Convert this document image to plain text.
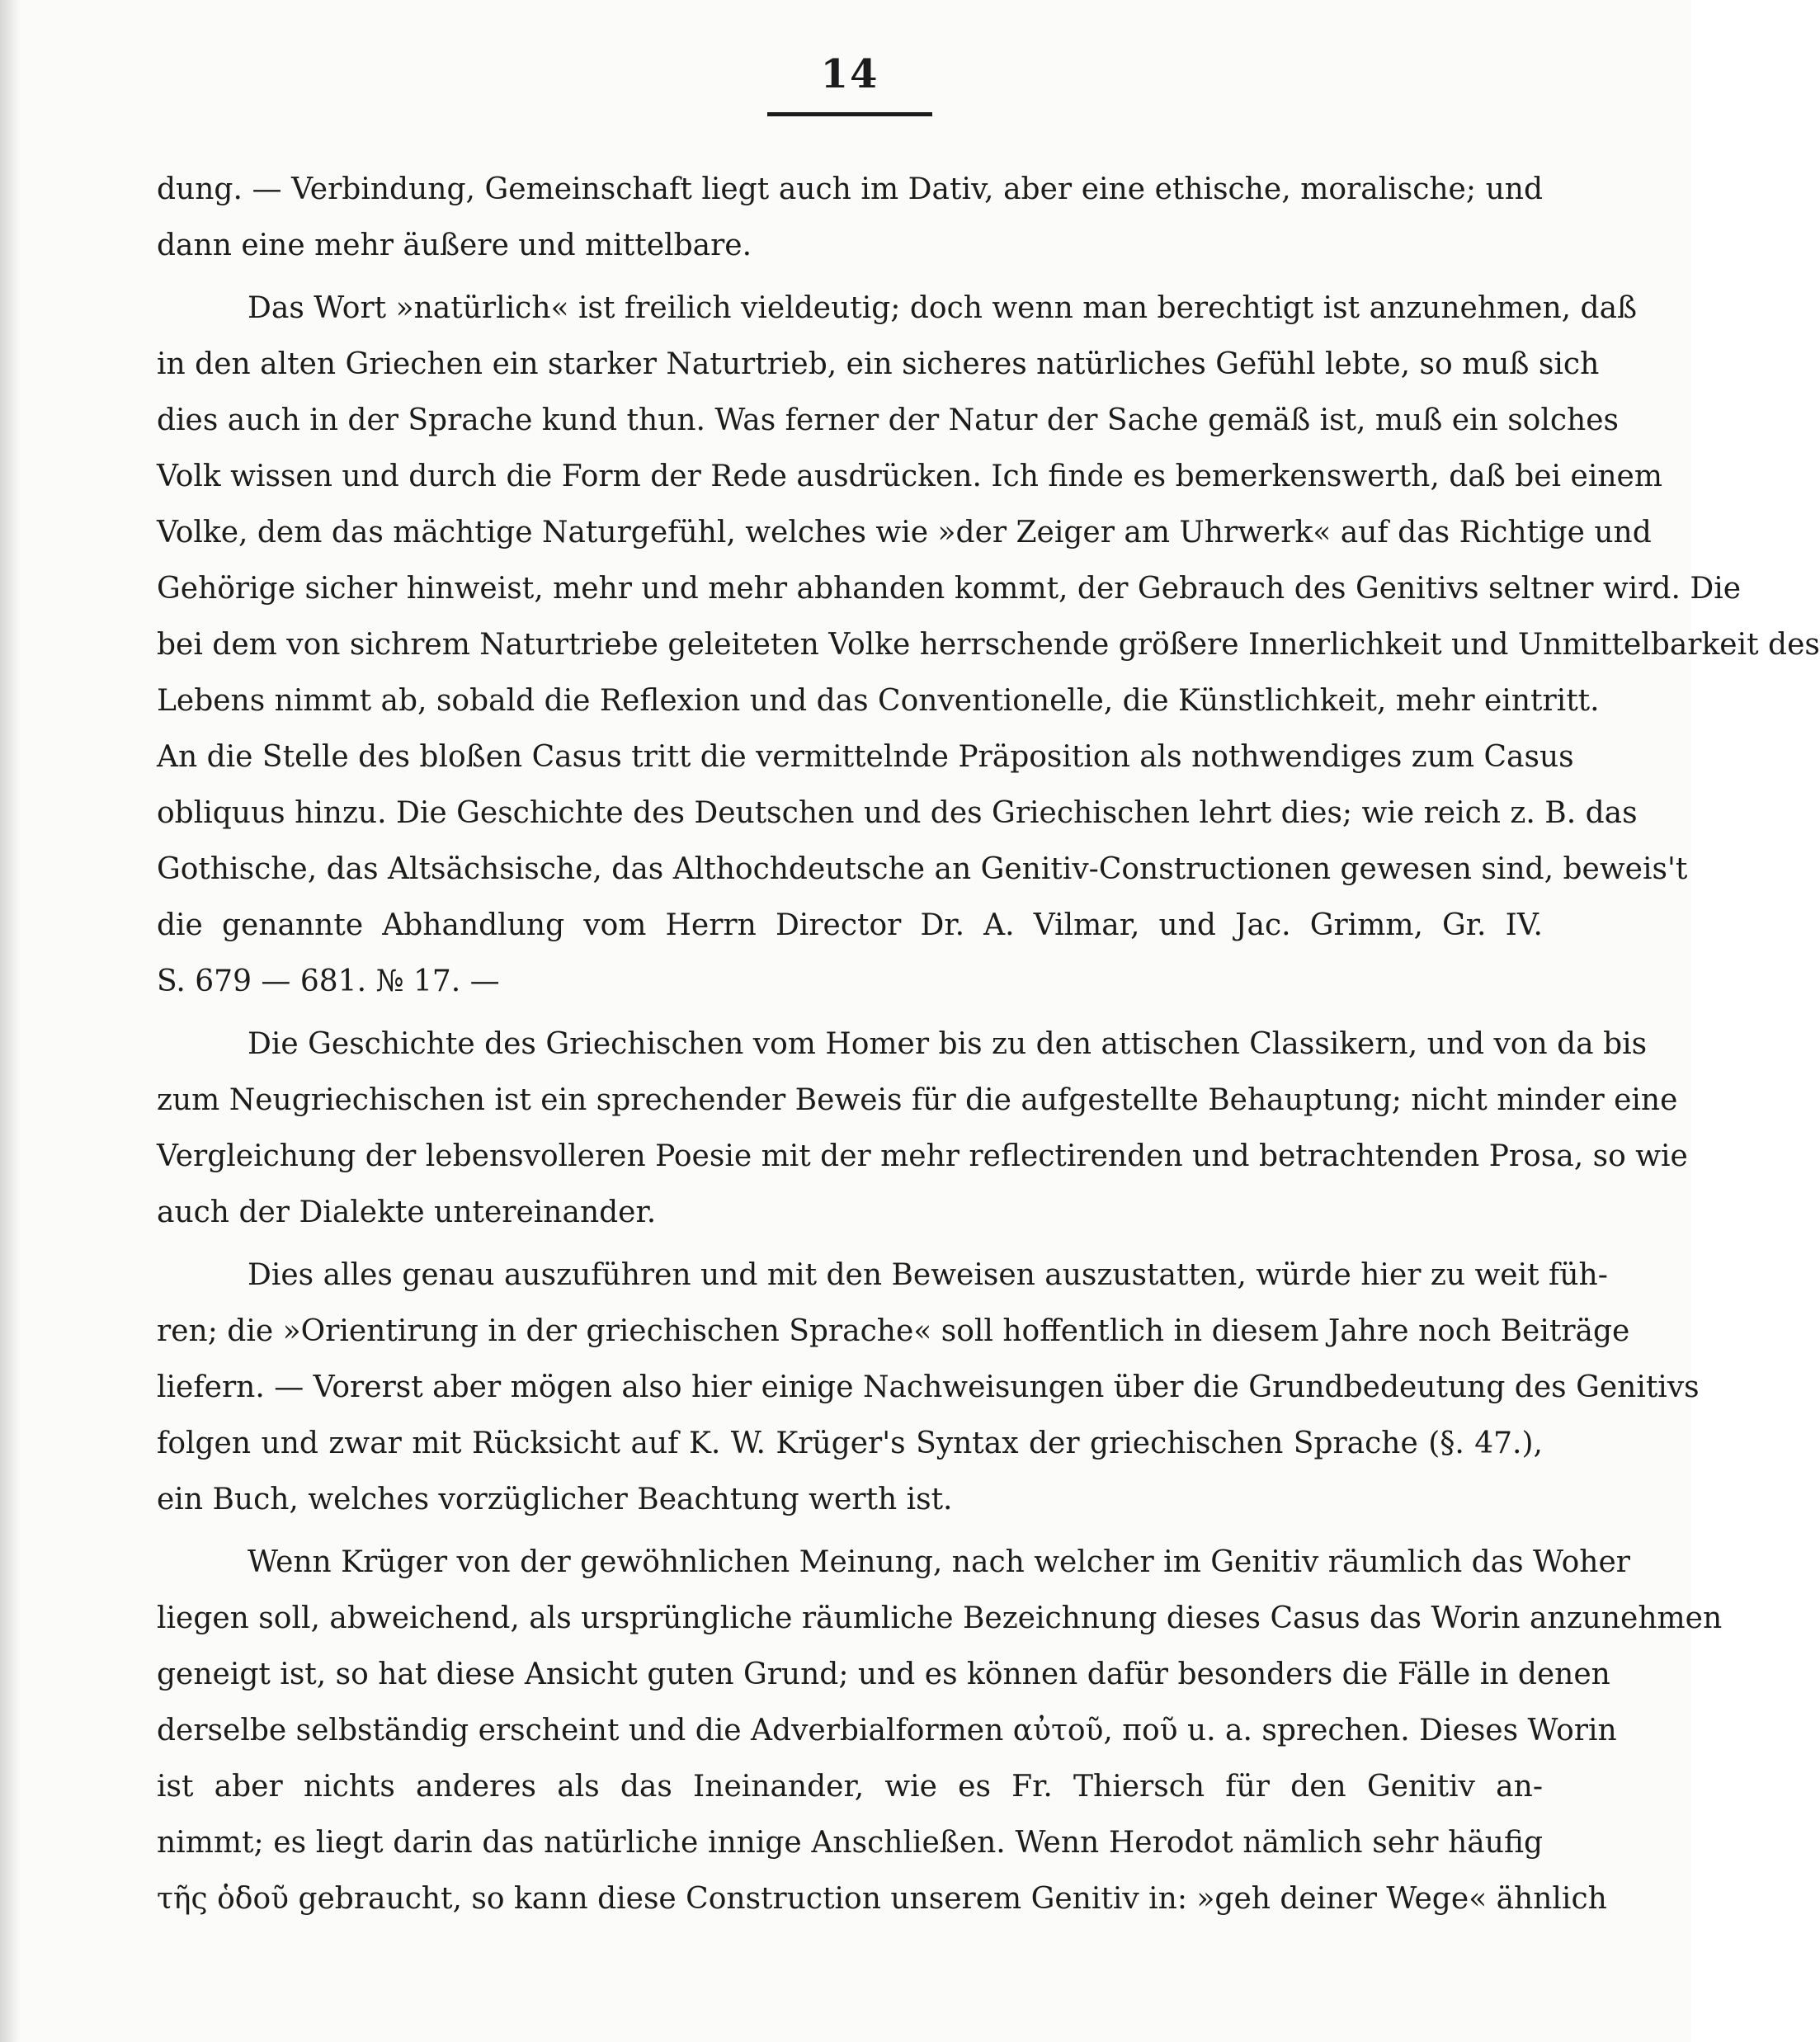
14
dung. — Verbindung, Gemeinschaft liegt auch im Dativ, aber eine ethische, moralische; und
dann eine mehr äußere und mittelbare.
Das Wort »natürlich« ist freilich vieldeutig; doch wenn man berechtigt ist anzunehmen, daß
in den alten Griechen ein starker Naturtrieb, ein sicheres natürliches Gefühl lebte, so muß sich
dies auch in der Sprache kund thun. Was ferner der Natur der Sache gemäß ist, muß ein solches
Volk wissen und durch die Form der Rede ausdrücken. Ich finde es bemerkenswerth, daß bei einem
Volke, dem das mächtige Naturgefühl, welches wie »der Zeiger am Uhrwerk« auf das Richtige und
Gehörige sicher hinweist, mehr und mehr abhanden kommt, der Gebrauch des Genitivs seltner wird. Die
bei dem von sichrem Naturtriebe geleiteten Volke herrschende größere Innerlichkeit und Unmittelbarkeit des
Lebens nimmt ab, sobald die Reflexion und das Conventionelle, die Künstlichkeit, mehr eintritt.
An die Stelle des bloßen Casus tritt die vermittelnde Präposition als nothwendiges zum Casus
obliquus hinzu. Die Geschichte des Deutschen und des Griechischen lehrt dies; wie reich z. B. das
Gothische, das Altsächsische, das Althochdeutsche an Genitiv-Constructionen gewesen sind, beweis't
die genannte Abhandlung vom Herrn Director Dr. A. Vilmar, und Jac. Grimm, Gr. IV.
S. 679 — 681. № 17. —
Die Geschichte des Griechischen vom Homer bis zu den attischen Classikern, und von da bis
zum Neugriechischen ist ein sprechender Beweis für die aufgestellte Behauptung; nicht minder eine
Vergleichung der lebensvolleren Poesie mit der mehr reflectirenden und betrachtenden Prosa, so wie
auch der Dialekte untereinander.
Dies alles genau auszuführen und mit den Beweisen auszustatten, würde hier zu weit füh-
ren; die »Orientirung in der griechischen Sprache« soll hoffentlich in diesem Jahre noch Beiträge
liefern. — Vorerst aber mögen also hier einige Nachweisungen über die Grundbedeutung des Genitivs
folgen und zwar mit Rücksicht auf K. W. Krüger's Syntax der griechischen Sprache (§. 47.),
ein Buch, welches vorzüglicher Beachtung werth ist.
Wenn Krüger von der gewöhnlichen Meinung, nach welcher im Genitiv räumlich das Woher
liegen soll, abweichend, als ursprüngliche räumliche Bezeichnung dieses Casus das Worin anzunehmen
geneigt ist, so hat diese Ansicht guten Grund; und es können dafür besonders die Fälle in denen
derselbe selbständig erscheint und die Adverbialformen αὐτοῦ, ποῦ u. a. sprechen. Dieses Worin
ist aber nichts anderes als das Ineinander, wie es Fr. Thiersch für den Genitiv an-
nimmt; es liegt darin das natürliche innige Anschließen. Wenn Herodot nämlich sehr häufig
τῆς ὁδοῦ gebraucht, so kann diese Construction unserem Genitiv in: »geh deiner Wege« ähnlich
